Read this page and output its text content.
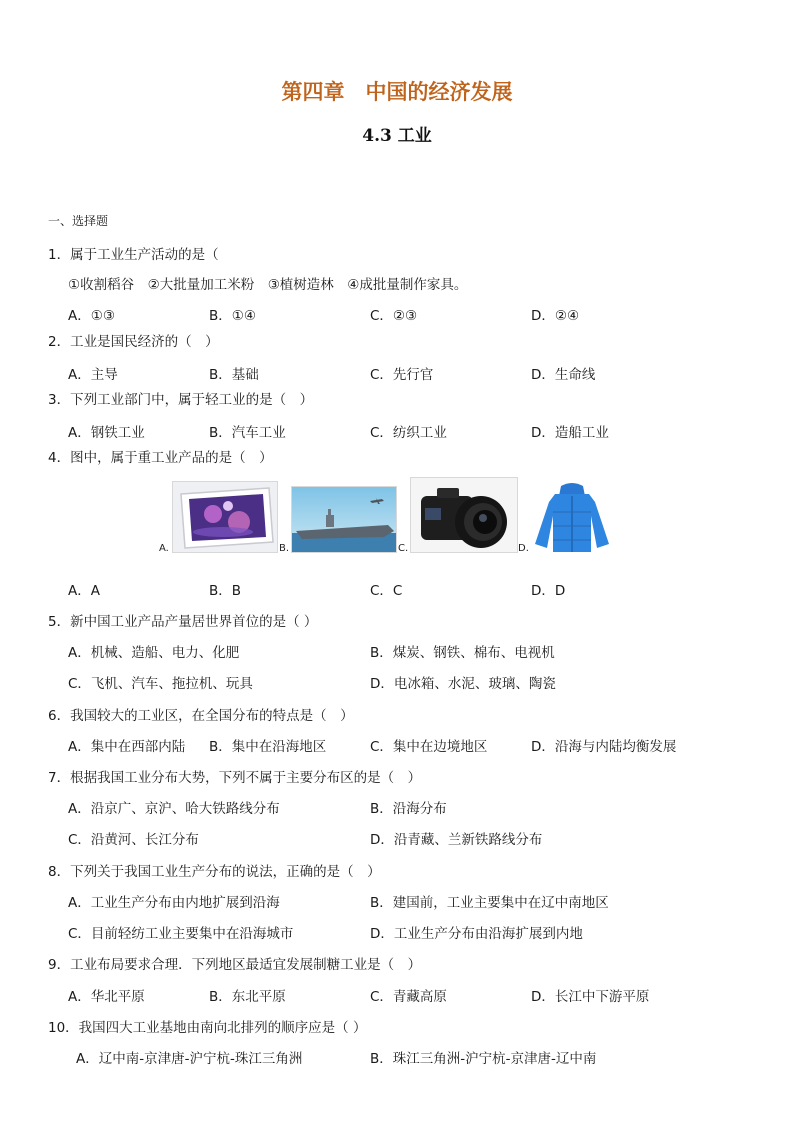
第四章　中国的经济发展
4.3 工业
一、选择题
1．属于工业生产活动的是（
①收割稻谷　②大批量加工米粉　③植树造林　④成批量制作家具。
A．①③	B．①④	C．②③	D．②④
2．工业是国民经济的（　）
A．主导	B．基础	C．先行官	D．生命线
3．下列工业部门中，属于轻工业的是（　）
A．钢铁工业	B．汽车工业	C．纺织工业	D．造船工业
4．图中，属于重工业产品的是（　）
A.	B.	C.	D.
A．A	B．B	C．C	D．D
5．新中国工业产品产量居世界首位的是（ ）
A．机械、造船、电力、化肥	B．煤炭、钢铁、棉布、电视机
C．飞机、汽车、拖拉机、玩具	D．电冰箱、水泥、玻璃、陶瓷
6．我国较大的工业区，在全国分布的特点是（　）
A．集中在西部内陆 B．集中在沿海地区	C．集中在边境地区	D．沿海与内陆均衡发展
7．根据我国工业分布大势，下列不属于主要分布区的是（　）
A．沿京广、京沪、哈大铁路线分布	B．沿海分布
C．沿黄河、长江分布	D．沿青藏、兰新铁路线分布
8．下列关于我国工业生产分布的说法，正确的是（　）
A．工业生产分布由内地扩展到沿海	B．建国前，工业主要集中在辽中南地区
C．目前轻纺工业主要集中在沿海城市	D．工业生产分布由沿海扩展到内地
9．工业布局要求合理．下列地区最适宜发展制糖工业是（　）
A．华北平原	B．东北平原	C．青藏高原	D．长江中下游平原
10．我国四大工业基地由南向北排列的顺序应是（ ）
A．辽中南-京津唐-沪宁杭-珠江三角洲	B．珠江三角洲-沪宁杭-京津唐-辽中南
